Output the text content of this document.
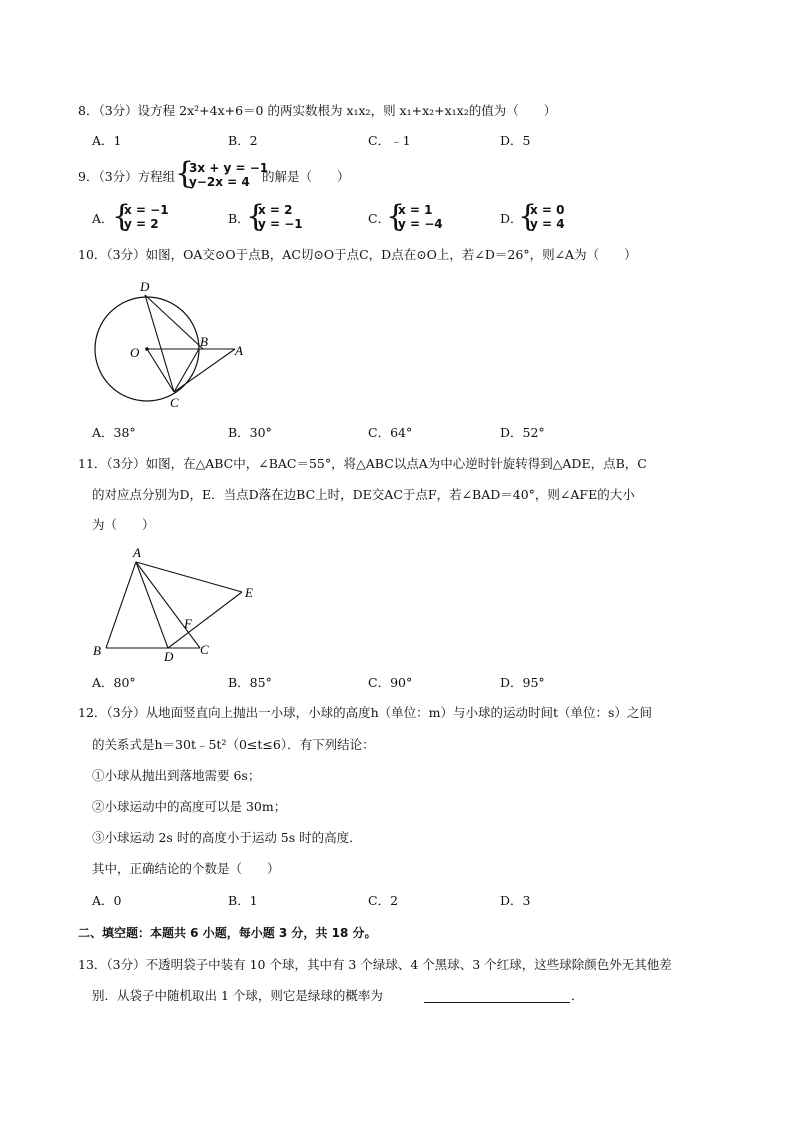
8．（3分）设方程 2x²+4x+6＝0 的两实数根为 x₁x₂，则 x₁+x₂+x₁x₂的值为（　　）
A．1	B．2	C．﹣1	D．5
9．（3分）方程组 {
3x + y = −1
y−2x = 4 的解是（　　）
A．
{
x = −1
y = 2	B．
{
x = 2
y = −1	C．
{
x = 1
y = −4	D．
{
x = 0
y = 4
10．（3分）如图，OA交⊙O于点B，AC切⊙O于点C，D点在⊙O上，若∠D＝26°，则∠A为（　　）
D
O
B
A
C
A．38°	B．30°	C．64°	D．52°
11．（3分）如图，在△ABC中，∠BAC＝55°，将△ABC以点A为中心逆时针旋转得到△ADE，点B，C
的对应点分别为D，E．当点D落在边BC上时，DE交AC于点F，若∠BAD＝40°，则∠AFE的大小
为（　　）
A
E
F
B	D C
A．80°	B．85°	C．90°	D．95°
12．（3分）从地面竖直向上抛出一小球，小球的高度h（单位：m）与小球的运动时间t（单位：s）之间
的关系式是h＝30t﹣5t²（0≤t≤6）．有下列结论：
①小球从抛出到落地需要 6s；
②小球运动中的高度可以是 30m；
③小球运动 2s 时的高度小于运动 5s 时的高度．
其中，正确结论的个数是（　　）
A．0	B．1	C．2	D．3
二、填空题：本题共 6 小题，每小题 3 分，共 18 分。
13．（3分）不透明袋子中装有 10 个球，其中有 3 个绿球、4 个黑球、3 个红球，这些球除颜色外无其他差
别．从袋子中随机取出 1 个球，则它是绿球的概率为	．
